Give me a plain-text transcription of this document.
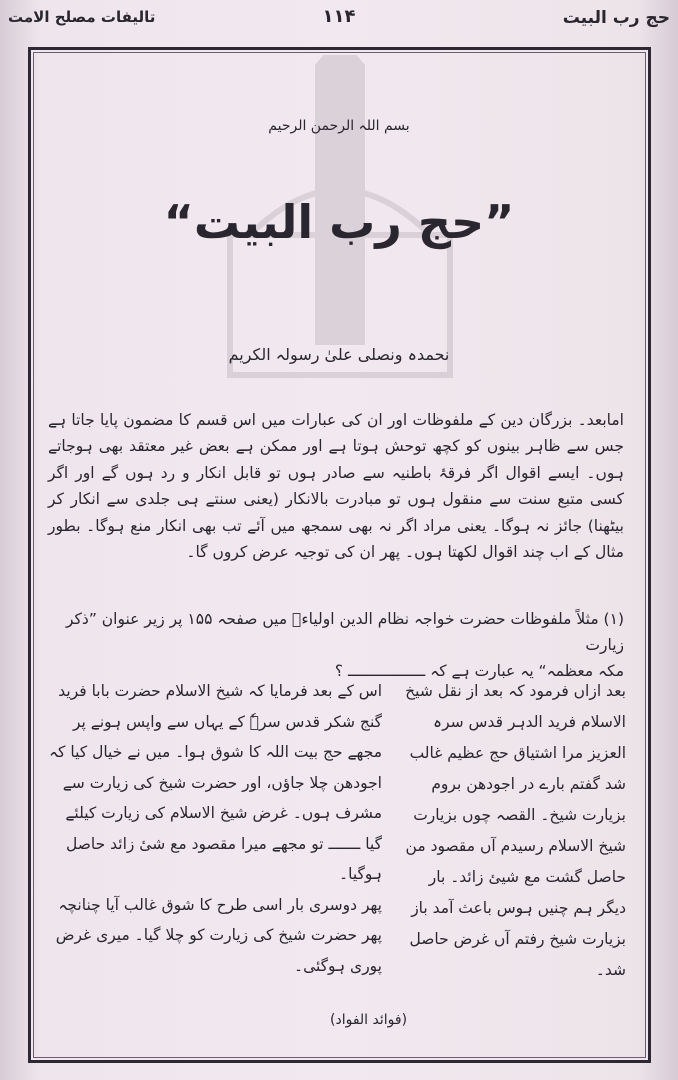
تالیفات مصلح الامت	۱۱۴	حج رب البیت
بسم اللہ الرحمن الرحیم
”حج رب البیت“
نحمدہ ونصلی علیٰ رسولہ الکریم

امابعد۔ بزرگان دین کے ملفوظات اور ان کی عبارات میں اس قسم کا مضمون پایا جاتا ہے جس سے ظاہر بینوں کو کچھ توحش ہوتا ہے اور ممکن ہے بعض غیر معتقد بھی ہوجاتے ہوں۔ ایسے اقوال اگر فرقۂ باطنیہ سے صادر ہوں تو قابل انکار و رد ہوں گے اور اگر کسی متبع سنت سے منقول ہوں تو مبادرت بالانکار (یعنی سنتے ہی جلدی سے انکار کر بیٹھنا) جائز نہ ہوگا۔ یعنی مراد اگر نہ بھی سمجھ میں آئے تب بھی انکار منع ہوگا۔ بطور مثال کے اب چند اقوال لکھتا ہوں۔ پھر ان کی توجیہ عرض کروں گا۔

(۱) مثلاً ملفوظات حضرت خواجہ نظام الدین اولیاءؒ میں صفحہ ۱۵۵ پر زیر عنوان ”ذکر زیارت

مکہ معظمہ“ یہ عبارت ہے کہ ـــــــــــــــــ ؟

بعد ازاں فرمود کہ بعد از نقل شیخ الاسلام فرید الدہر قدس سرہ العزیز مرا اشتیاق حج عظیم غالب شد گفتم بارے در اجودھن بروم بزیارت شیخ۔ القصہ چوں بزیارت شیخ الاسلام رسیدم آں مقصود من حاصل گشت مع شیئ زائد۔ بار دیگر ہم چنیں ہوس باعث آمد باز بزیارت شیخ رفتم آں غرض حاصل شد۔

اس کے بعد فرمایا کہ شیخ الاسلام حضرت بابا فرید گنج شکر قدس سرہٗ کے یہاں سے واپس ہونے پر مجھے حج بیت اللہ کا شوق ہوا۔ میں نے خیال کیا کہ اجودھن چلا جاؤں، اور حضرت شیخ کی زیارت سے مشرف ہوں۔ غرض شیخ الاسلام کی زیارت کیلئے گیا ـــــــ تو مجھے میرا مقصود مع شیٔ زائد حاصل ہوگیا۔

پھر دوسری بار اسی طرح کا شوق غالب آیا چنانچہ پھر حضرت شیخ کی زیارت کو چلا گیا۔ میری غرض پوری ہوگئی۔

(فوائد الفواد)
